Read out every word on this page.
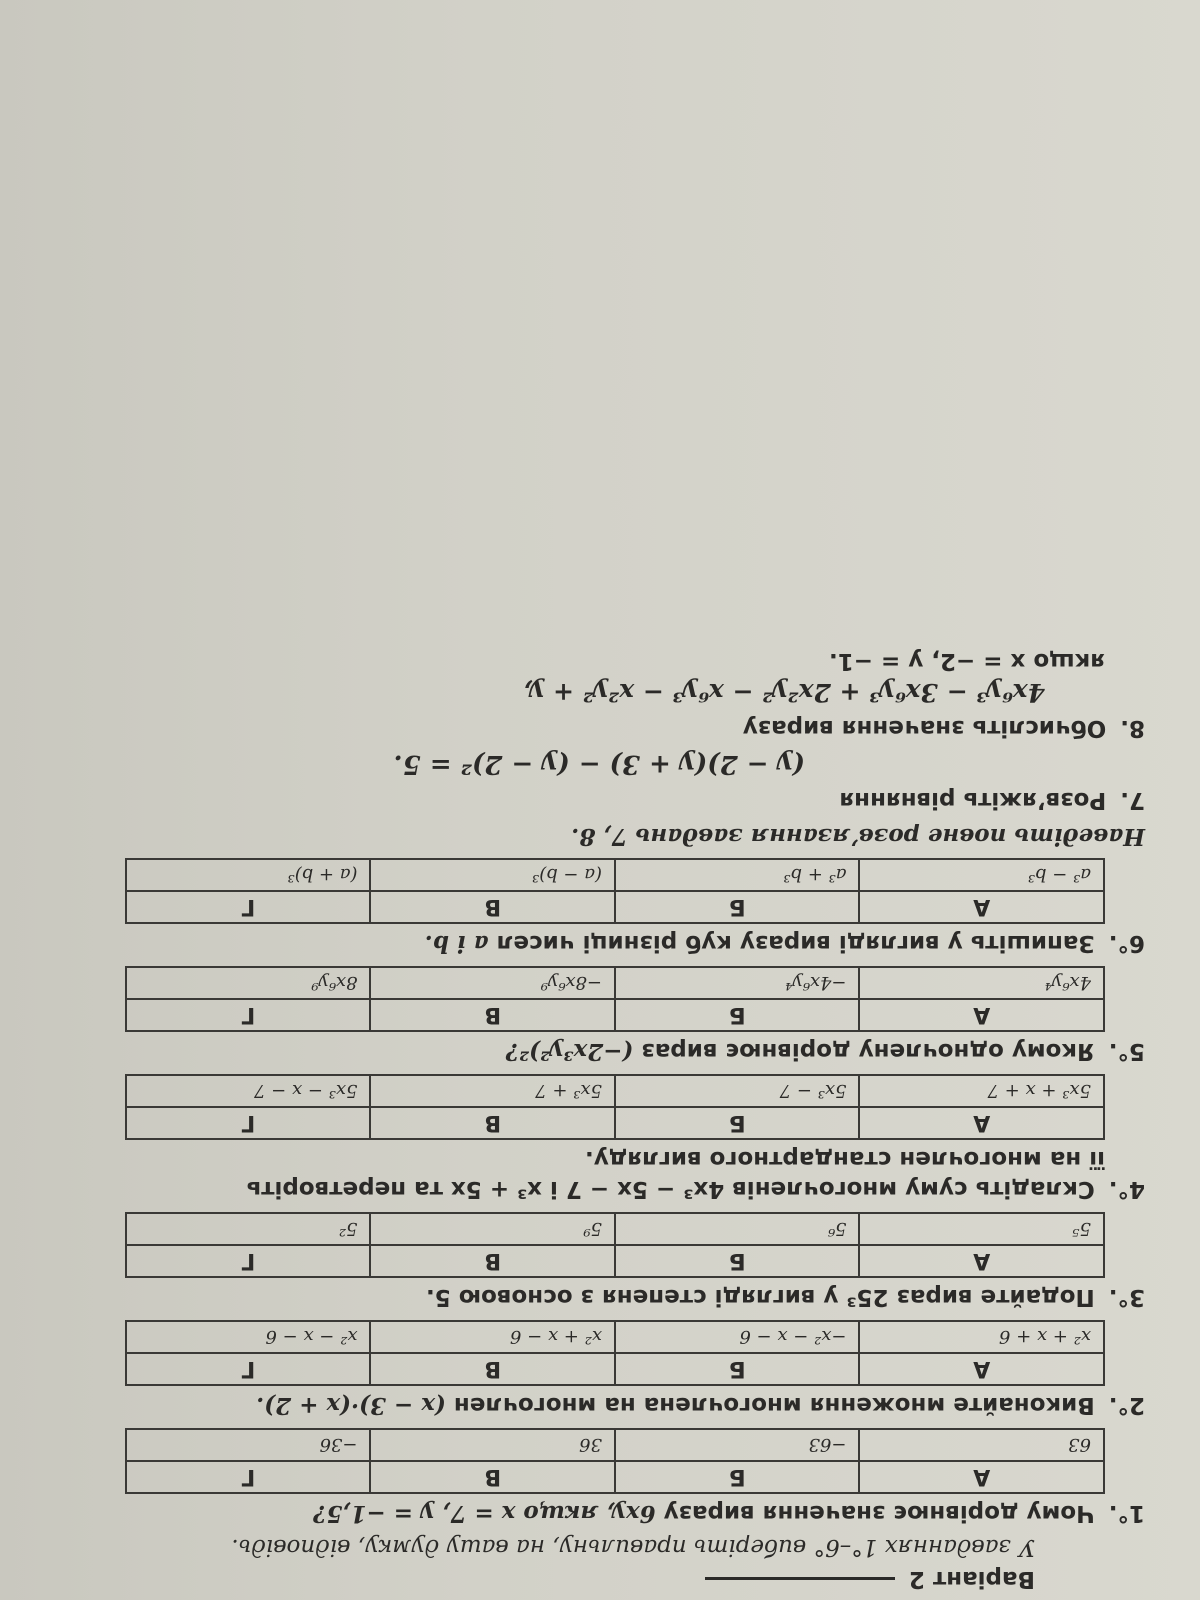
Варіант 2
У завданнях 1°–6° виберіть правильну, на вашу думку, відповідь.
1°. Чому дорівнює значення виразу 6xy, якщо x = 7, y = −1,5?
А	Б	В	Г
63	−63	36	−36
2°. Виконайте множення многочлена на многочлен (x − 3)·(x + 2).
А	Б	В	Г
x² + x + 6	−x² − x − 6	x² + x − 6	x² − x − 6
3°. Подайте вираз 25³ у вигляді степеня з основою 5.
А	Б	В	Г
5⁵	5⁶	5⁹	5²
4°. Складіть суму многочленів 4x³ − 5x − 7 і x³ + 5x та перетворіть
її на многочлен стандартного вигляду.
А	Б	В	Г
5x³ + x + 7	5x³ − 7	5x³ + 7	5x³ − x − 7
5°. Якому одночлену дорівнює вираз (−2x³y²)²?
А	Б	В	Г
4x⁶y⁴	−4x⁶y⁴	−8x⁶y⁹	8x⁶y⁹
6°. Запишіть у вигляді виразу куб різниці чисел a і b.
А	Б	В	Г
a³ − b³	a³ + b³	(a − b)³	(a + b)³
Наведіть повне розв’язання завдань 7, 8.
7. Розв’яжіть рівняння
(y − 2)(y + 3) − (y − 2)² = 5.
8. Обчисліть значення виразу
4x⁶y³ − 3x⁶y³ + 2x²y² − x⁶y³ − x²y² + y,
якщо x = −2, y = −1.
